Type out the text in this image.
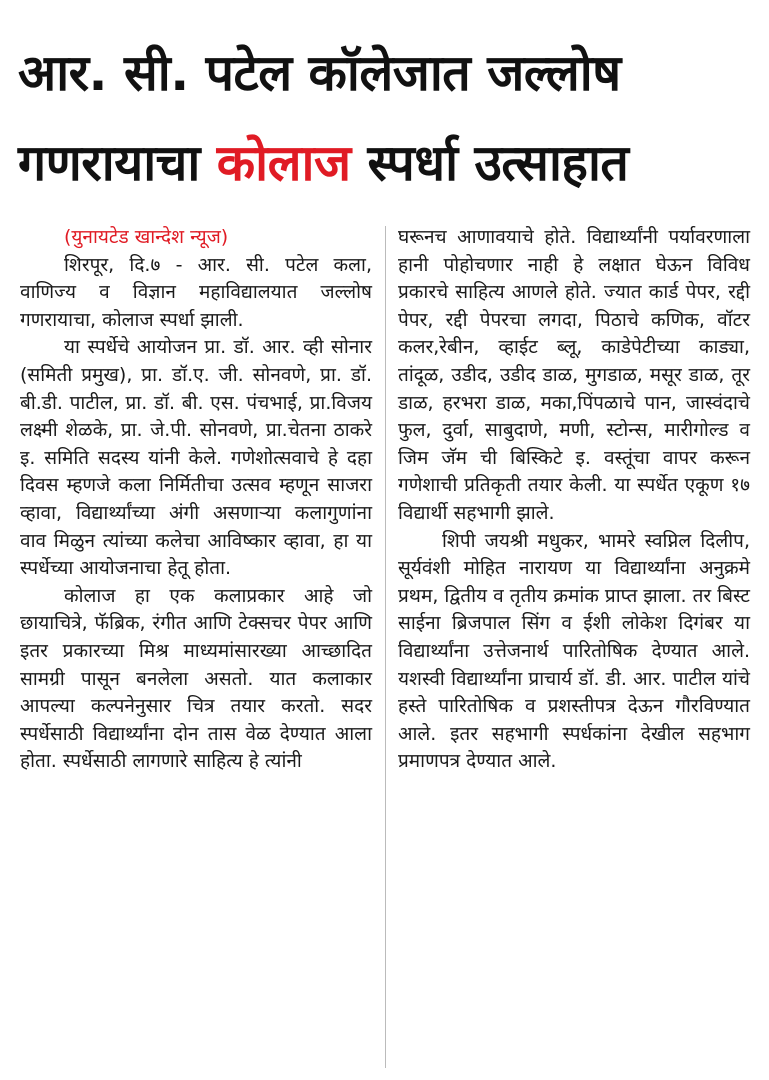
आर. सी. पटेल कॉलेजात जल्लोष
गणरायाचा कोलाज स्पर्धा उत्साहात

(युनायटेड खान्देश न्यूज)

शिरपूर, दि.७ - आर. सी. पटेल कला, वाणिज्य व विज्ञान महाविद्यालयात जल्लोष गणरायाचा, कोलाज स्पर्धा झाली.

या स्पर्धेचे आयोजन प्रा. डॉ. आर. व्ही सोनार (समिती प्रमुख), प्रा. डॉ.ए. जी. सोनवणे, प्रा. डॉ. बी.डी. पाटील, प्रा. डॉ. बी. एस. पंचभाई, प्रा.विजय लक्ष्मी शेळके, प्रा. जे.पी. सोनवणे, प्रा.चेतना ठाकरे इ. समिति सदस्य यांनी केले. गणेशोत्सवाचे हे दहा दिवस म्हणजे कला निर्मितीचा उत्सव म्हणून साजरा व्हावा, विद्यार्थ्यांच्या अंगी असणाऱ्या कलागुणांना वाव मिळुन त्यांच्या कलेचा आविष्कार व्हावा, हा या स्पर्धेच्या आयोजनाचा हेतू होता.

कोलाज हा एक कलाप्रकार आहे जो छायाचित्रे, फॅब्रिक, रंगीत आणि टेक्सचर पेपर आणि इतर प्रकारच्या मिश्र माध्यमांसारख्या आच्छादित सामग्री पासून बनलेला असतो. यात कलाकार आपल्या कल्पनेनुसार चित्र तयार करतो. सदर स्पर्धेसाठी विद्यार्थ्यांना दोन तास वेळ देण्यात आला होता. स्पर्धेसाठी लागणारे साहित्य हे त्यांनी

घरूनच आणावयाचे होते. विद्यार्थ्यांनी पर्यावरणाला हानी पोहोचणार नाही हे लक्षात घेऊन विविध प्रकारचे साहित्य आणले होते. ज्यात कार्ड पेपर, रद्दी पेपर, रद्दी पेपरचा लगदा, पिठाचे कणिक, वॉटर कलर,रेबीन, व्हाईट ब्लू, काडेपेटीच्या काड्या, तांदूळ, उडीद, उडीद डाळ, मुगडाळ, मसूर डाळ, तूर डाळ, हरभरा डाळ, मका,पिंपळाचे पान, जास्वंदाचे फुल, दुर्वा, साबुदाणे, मणी, स्टोन्स, मारीगोल्ड व जिम जॅम ची बिस्किटे इ. वस्तूंचा वापर करून गणेशाची प्रतिकृती तयार केली. या स्पर्धेत एकूण १७ विद्यार्थी सहभागी झाले.

शिपी जयश्री मधुकर, भामरे स्वप्निल दिलीप, सूर्यवंशी मोहित नारायण या विद्यार्थ्यांना अनुक्रमे प्रथम, द्वितीय व तृतीय क्रमांक प्राप्त झाला. तर बिस्ट साईना ब्रिजपाल सिंग व ईशी लोकेश दिगंबर या विद्यार्थ्यांना उत्तेजनार्थ पारितोषिक देण्यात आले. यशस्वी विद्यार्थ्यांना प्राचार्य डॉ. डी. आर. पाटील यांचे हस्ते पारितोषिक व प्रशस्तीपत्र देऊन गौरविण्यात आले. इतर सहभागी स्पर्धकांना देखील सहभाग प्रमाणपत्र देण्यात आले.
